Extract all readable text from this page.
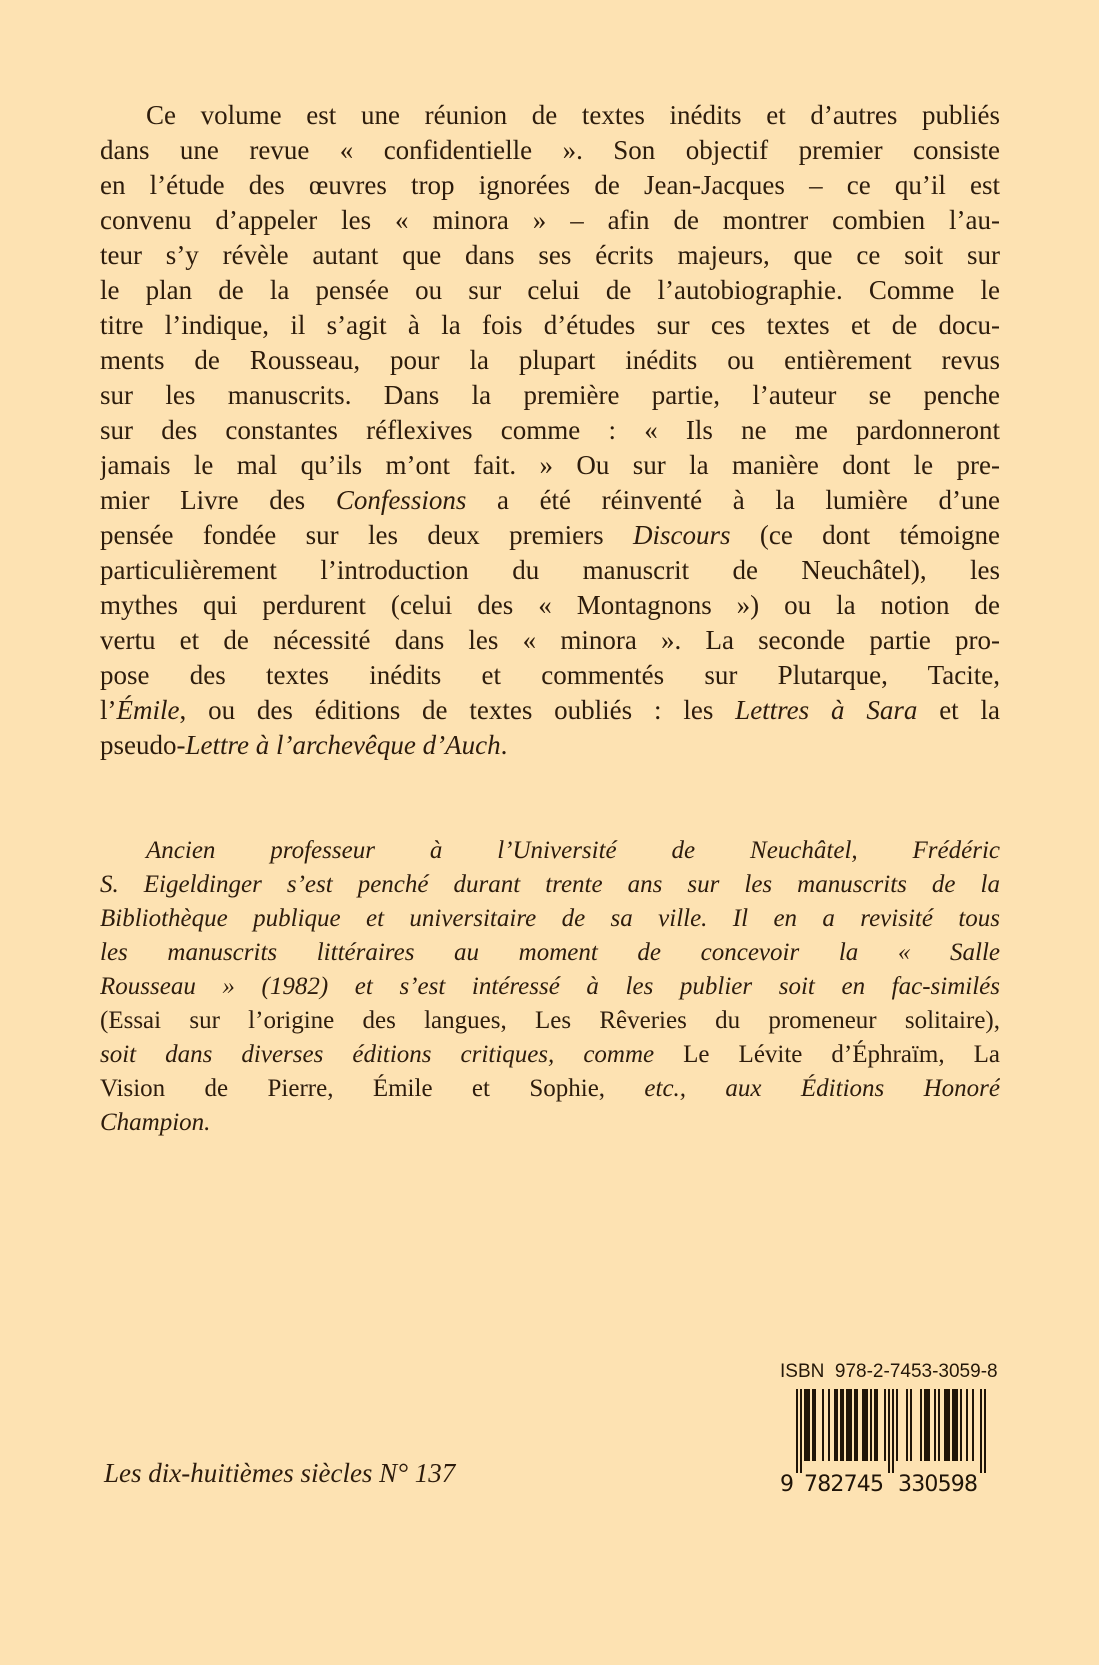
Ce volume est une réunion de textes inédits et d’autres publiés
dans une revue « confidentielle ». Son objectif premier consiste
en l’étude des œuvres trop ignorées de Jean-Jacques – ce qu’il est
convenu d’appeler les « minora » – afin de montrer combien l’au-
teur s’y révèle autant que dans ses écrits majeurs, que ce soit sur
le plan de la pensée ou sur celui de l’autobiographie. Comme le
titre l’indique, il s’agit à la fois d’études sur ces textes et de docu-
ments de Rousseau, pour la plupart inédits ou entièrement revus
sur les manuscrits. Dans la première partie, l’auteur se penche
sur des constantes réflexives comme : « Ils ne me pardonneront
jamais le mal qu’ils m’ont fait. » Ou sur la manière dont le pre-
mier Livre des Confessions a été réinventé à la lumière d’une
pensée fondée sur les deux premiers Discours (ce dont témoigne
particulièrement l’introduction du manuscrit de Neuchâtel), les
mythes qui perdurent (celui des « Montagnons ») ou la notion de
vertu et de nécessité dans les « minora ». La seconde partie pro-
pose des textes inédits et commentés sur Plutarque, Tacite,
l’Émile, ou des éditions de textes oubliés : les Lettres à Sara et la
pseudo-Lettre à l’archevêque d’Auch.
Ancien professeur à l’Université de Neuchâtel, Frédéric
S. Eigeldinger s’est penché durant trente ans sur les manuscrits de la
Bibliothèque publique et universitaire de sa ville. Il en a revisité tous
les manuscrits littéraires au moment de concevoir la « Salle
Rousseau » (1982) et s’est intéressé à les publier soit en fac-similés
(Essai sur l’origine des langues, Les Rêveries du promeneur solitaire),
soit dans diverses éditions critiques, comme Le Lévite d’Éphraïm, La
Vision de Pierre, Émile et Sophie, etc., aux Éditions Honoré
Champion.
ISBN  978-2-7453-3059-8
9 782745 330598
Les dix-huitièmes siècles N° 137
